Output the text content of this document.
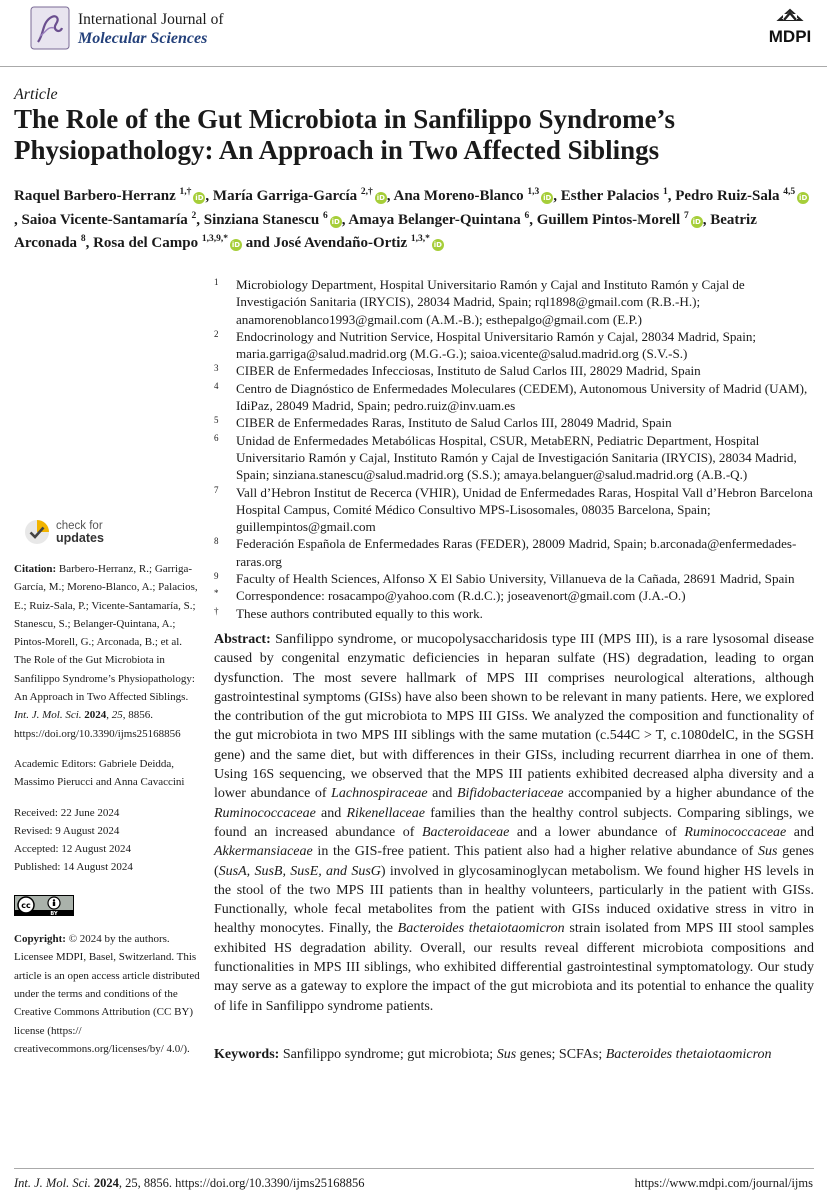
International Journal of
Molecular Sciences	MDPI
Article
The Role of the Gut Microbiota in Sanfilippo Syndrome’s Physiopathology: An Approach in Two Affected Siblings
Raquel Barbero-Herranz $^{1,\dagger}$iD , María Garriga-García $^{2,\dagger}$iD , Ana Moreno-Blanco $^{1,3}$iD , Esther Palacios $^1$, Pedro Ruiz-Sala $^{4,5}$iD, Saioa Vicente-Santamaría $^2$, Sinziana Stanescu $^6$iD , Amaya Belanger-Quintana $^6$, Guillem Pintos-Morell $^7$iD , Beatriz Arconada $^8$, Rosa del Campo $^{1,3,9,*}$iD and José Avendaño-Ortiz $^{1,3,*}$iD
1	Microbiology Department, Hospital Universitario Ramón y Cajal and Instituto Ramón y Cajal de Investigación Sanitaria (IRYCIS), 28034 Madrid, Spain; rql1898@gmail.com (R.B.-H.); anamorenoblanco1993@gmail.com (A.M.-B.); esthepalgo@gmail.com (E.P.)
2	Endocrinology and Nutrition Service, Hospital Universitario Ramón y Cajal, 28034 Madrid, Spain; maria.garriga@salud.madrid.org (M.G.-G.); saioa.vicente@salud.madrid.org (S.V.-S.)
3	CIBER de Enfermedades Infecciosas, Instituto de Salud Carlos III, 28029 Madrid, Spain
4	Centro de Diagnóstico de Enfermedades Moleculares (CEDEM), Autonomous University of Madrid (UAM), IdiPaz, 28049 Madrid, Spain; pedro.ruiz@inv.uam.es
5	CIBER de Enfermedades Raras, Instituto de Salud Carlos III, 28049 Madrid, Spain
6	Unidad de Enfermedades Metabólicas Hospital, CSUR, MetabERN, Pediatric Department, Hospital Universitario Ramón y Cajal, Instituto Ramón y Cajal de Investigación Sanitaria (IRYCIS), 28034 Madrid, Spain; sinziana.stanescu@salud.madrid.org (S.S.); amaya.belanguer@salud.madrid.org (A.B.-Q.)
7	Vall d’Hebron Institut de Recerca (VHIR), Unidad de Enfermedades Raras, Hospital Vall d’Hebron Barcelona Hospital Campus, Comité Médico Consultivo MPS-Lisosomales, 08035 Barcelona, Spain; guillempintos@gmail.com
8	Federación Española de Enfermedades Raras (FEDER), 28009 Madrid, Spain; b.arconada@enfermedades-raras.org
9	Faculty of Health Sciences, Alfonso X El Sabio University, Villanueva de la Cañada, 28691 Madrid, Spain
*	Correspondence: rosacampo@yahoo.com (R.d.C.); joseavenort@gmail.com (J.A.-O.)
†	These authors contributed equally to this work.
check for
updates
Citation: Barbero-Herranz, R.; Garriga-García, M.; Moreno-Blanco, A.; Palacios, E.; Ruiz-Sala, P.; Vicente-Santamaría, S.; Stanescu, S.; Belanger-Quintana, A.; Pintos-Morell, G.; Arconada, B.; et al. The Role of the Gut Microbiota in Sanfilippo Syndrome’s Physiopathology: An Approach in Two Affected Siblings. Int. J. Mol. Sci. 2024, 25, 8856. https://doi.org/10.3390/ijms25168856
Academic Editors: Gabriele Deidda, Massimo Pierucci and Anna Cavaccini
Received: 22 June 2024
Revised: 9 August 2024
Accepted: 12 August 2024
Published: 14 August 2024
cc
BY
Copyright: © 2024 by the authors. Licensee MDPI, Basel, Switzerland. This article is an open access article distributed under the terms and conditions of the Creative Commons Attribution (CC BY) license (https:// creativecommons.org/licenses/by/ 4.0/).
Abstract: Sanfilippo syndrome, or mucopolysaccharidosis type III (MPS III), is a rare lysosomal disease caused by congenital enzymatic deficiencies in heparan sulfate (HS) degradation, leading to organ dysfunction. The most severe hallmark of MPS III comprises neurological alterations, although gastrointestinal symptoms (GISs) have also been shown to be relevant in many patients. Here, we explored the contribution of the gut microbiota to MPS III GISs. We analyzed the composition and functionality of the gut microbiota in two MPS III siblings with the same mutation (c.544C > T, c.1080delC, in the SGSH gene) and the same diet, but with differences in their GISs, including recurrent diarrhea in one of them. Using 16S sequencing, we observed that the MPS III patients exhibited decreased alpha diversity and a lower abundance of Lachnospiraceae and Bifidobacteriaceae accompanied by a higher abundance of the Ruminococcaceae and Rikenellaceae families than the healthy control subjects. Comparing siblings, we found an increased abundance of Bacteroidaceae and a lower abundance of Ruminococcaceae and Akkermansiaceae in the GIS-free patient. This patient also had a higher relative abundance of Sus genes (SusA, SusB, SusE, and SusG) involved in glycosaminoglycan metabolism. We found higher HS levels in the stool of the two MPS III patients than in healthy volunteers, particularly in the patient with GISs. Functionally, whole fecal metabolites from the patient with GISs induced oxidative stress in vitro in healthy monocytes. Finally, the Bacteroides thetaiotaomicron strain isolated from MPS III stool samples exhibited HS degradation ability. Overall, our results reveal different microbiota compositions and functionalities in MPS III siblings, who exhibited differential gastrointestinal symptomatology. Our study may serve as a gateway to explore the impact of the gut microbiota and its potential to enhance the quality of life in Sanfilippo syndrome patients.
Keywords: Sanfilippo syndrome; gut microbiota; Sus genes; SCFAs; Bacteroides thetaiotaomicron
Int. J. Mol. Sci. 2024, 25, 8856. https://doi.org/10.3390/ijms25168856	https://www.mdpi.com/journal/ijms
